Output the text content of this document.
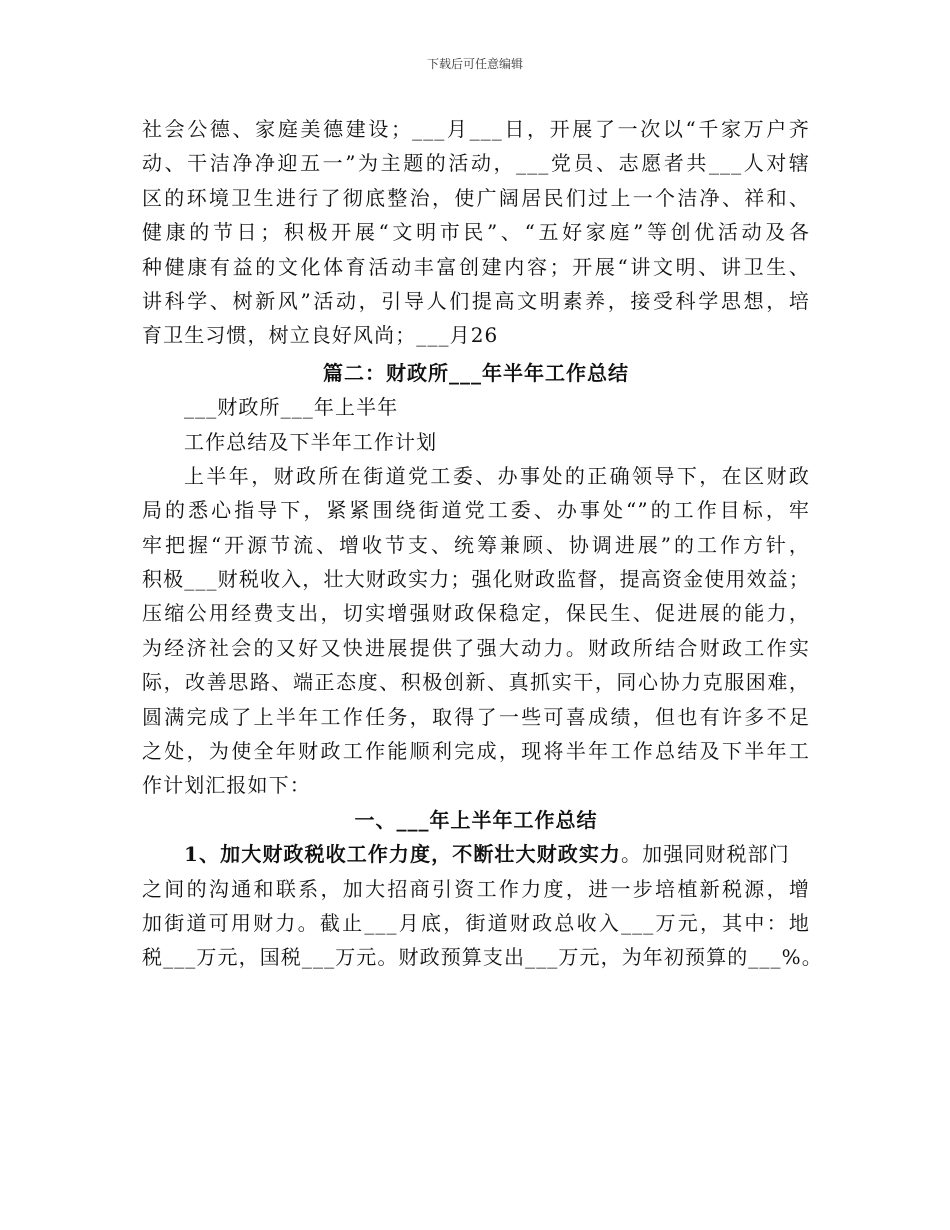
下载后可任意编辑
社会公德、家庭美德建设；___月___日，开展了一次以“千家万户齐
动、干洁净净迎五一”为主题的活动，___党员、志愿者共___人对辖
区的环境卫生进行了彻底整治，使广阔居民们过上一个洁净、祥和、
健康的节日；积极开展“文明市民”、“五好家庭”等创优活动及各
种健康有益的文化体育活动丰富创建内容；开展“讲文明、讲卫生、
讲科学、树新风”活动，引导人们提高文明素养，接受科学思想，培
育卫生习惯，树立良好风尚；___月26
篇二：财政所___年半年工作总结
___财政所___年上半年
工作总结及下半年工作计划
上半年，财政所在街道党工委、办事处的正确领导下，在区财政
局的悉心指导下，紧紧围绕街道党工委、办事处“”的工作目标，牢
牢把握“开源节流、增收节支、统筹兼顾、协调进展”的工作方针，
积极___财税收入，壮大财政实力；强化财政监督，提高资金使用效益；
压缩公用经费支出，切实增强财政保稳定，保民生、促进展的能力，
为经济社会的又好又快进展提供了强大动力。财政所结合财政工作实
际，改善思路、端正态度、积极创新、真抓实干，同心协力克服困难，
圆满完成了上半年工作任务，取得了一些可喜成绩，但也有许多不足
之处，为使全年财政工作能顺利完成，现将半年工作总结及下半年工
作计划汇报如下：
一、___年上半年工作总结
1、加大财政税收工作力度，不断壮大财政实力。加强同财税部门
之间的沟通和联系，加大招商引资工作力度，进一步培植新税源，增
加街道可用财力。截止___月底，街道财政总收入___万元，其中：地
税___万元，国税___万元。财政预算支出___万元，为年初预算的___%。
